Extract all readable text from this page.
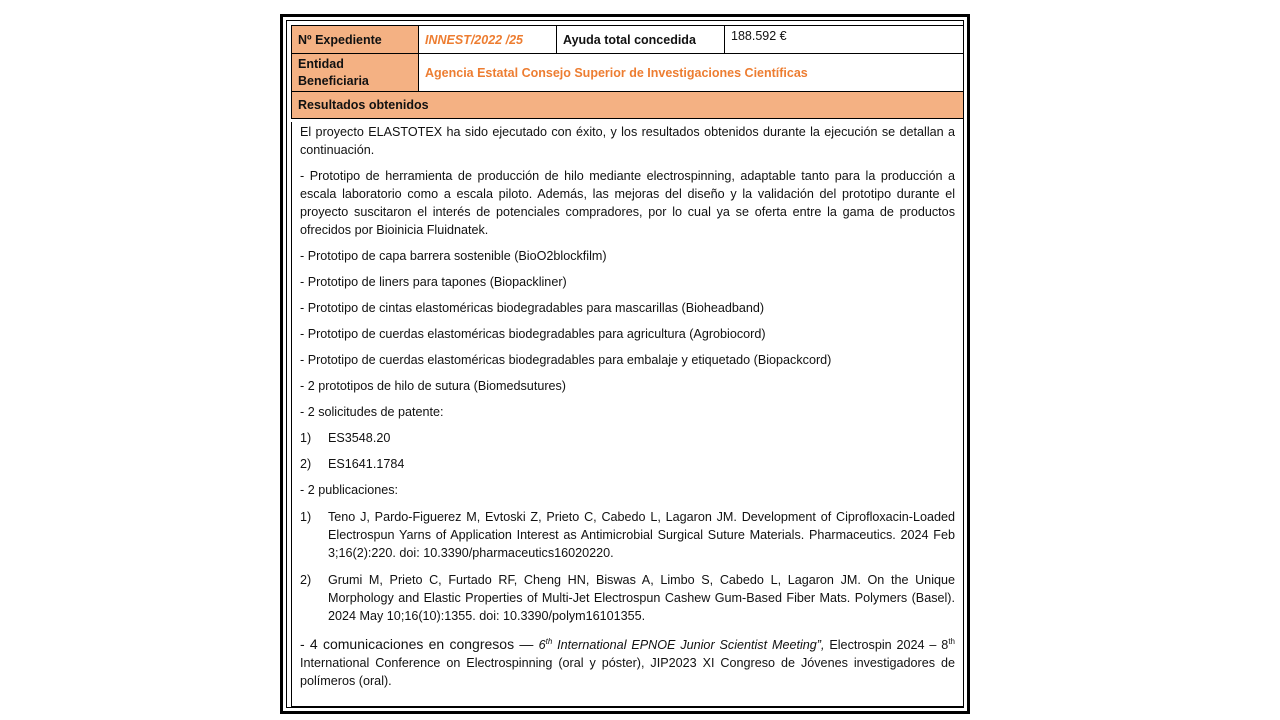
Nº Expediente	INNEST/2022 /25	Ayuda total concedida	188.592 €
Entidad
Beneficiaria	Agencia Estatal Consejo Superior de Investigaciones Científicas		
Resultados obtenidos			

El proyecto ELASTOTEX ha sido ejecutado con éxito, y los resultados obtenidos durante la ejecución se detallan a continuación.

- Prototipo de herramienta de producción de hilo mediante electrospinning, adaptable tanto para la producción a escala laboratorio como a escala piloto. Además, las mejoras del diseño y la validación del prototipo durante el proyecto suscitaron el interés de potenciales compradores, por lo cual ya se oferta entre la gama de productos ofrecidos por Bioinicia Fluidnatek.

- Prototipo de capa barrera sostenible (BioO2blockfilm)

- Prototipo de liners para tapones (Biopackliner)

- Prototipo de cintas elastoméricas biodegradables para mascarillas (Bioheadband)

- Prototipo de cuerdas elastoméricas biodegradables para agricultura (Agrobiocord)

- Prototipo de cuerdas elastoméricas biodegradables para embalaje y etiquetado (Biopackcord)

- 2 prototipos de hilo de sutura (Biomedsutures)

- 2 solicitudes de patente:

1)	ES3548.20
2)	ES1641.1784

- 2 publicaciones:

1)	Teno J, Pardo-Figuerez M, Evtoski Z, Prieto C, Cabedo L, Lagaron JM. Development of Ciprofloxacin-Loaded Electrospun Yarns of Application Interest as Antimicrobial Surgical Suture Materials. Pharmaceutics. 2024 Feb 3;16(2):220. doi: 10.3390/pharmaceutics16020220.
2)	Grumi M, Prieto C, Furtado RF, Cheng HN, Biswas A, Limbo S, Cabedo L, Lagaron JM. On the Unique Morphology and Elastic Properties of Multi-Jet Electrospun Cashew Gum-Based Fiber Mats. Polymers (Basel). 2024 May 10;16(10):1355. doi: 10.3390/polym16101355.

- 4 comunicaciones en congresos — 6th International EPNOE Junior Scientist Meeting”, Electrospin 2024 – 8th International Conference on Electrospinning (oral y póster), JIP2023 XI Congreso de Jóvenes investigadores de polímeros (oral).
